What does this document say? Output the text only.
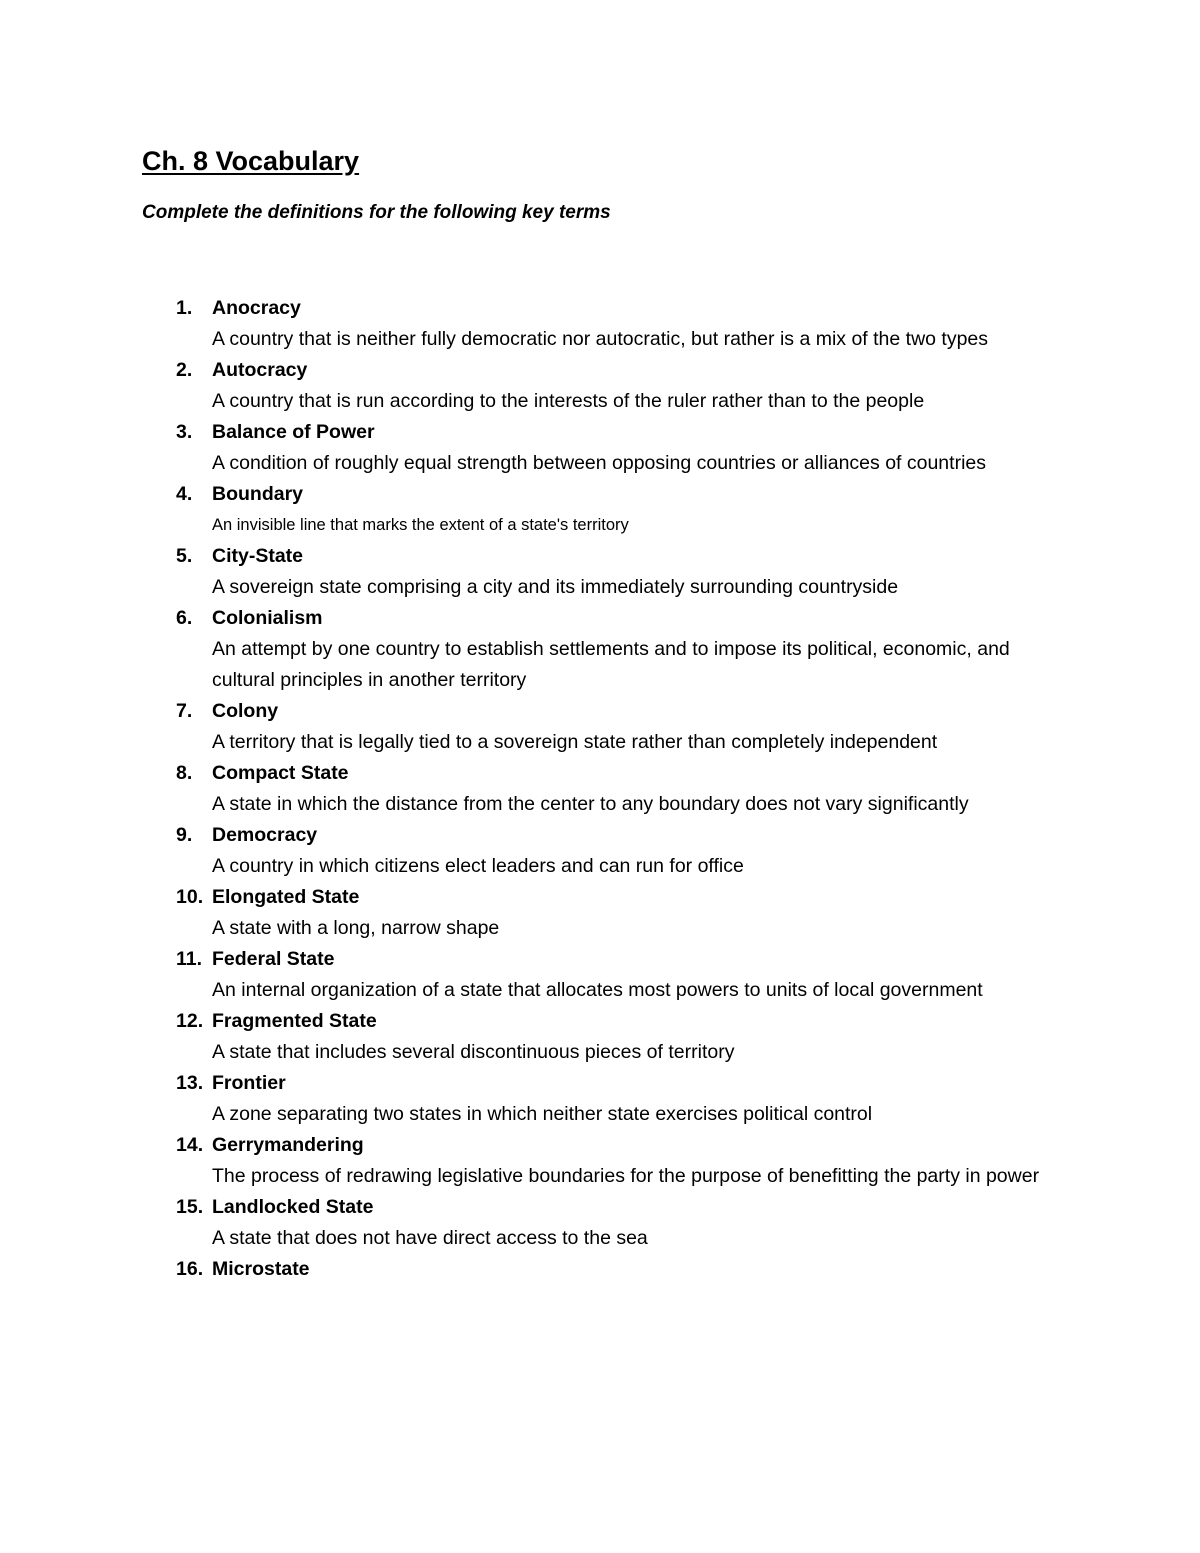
Ch. 8 Vocabulary
Complete the definitions for the following key terms
1. Anocracy
A country that is neither fully democratic nor autocratic, but rather is a mix of the two types
2. Autocracy
A country that is run according to the interests of the ruler rather than to the people
3. Balance of Power
A condition of roughly equal strength between opposing countries or alliances of countries
4. Boundary
An invisible line that marks the extent of a state's territory
5. City-State
A sovereign state comprising a city and its immediately surrounding countryside
6. Colonialism
An attempt by one country to establish settlements and to impose its political, economic, and cultural principles in another territory
7. Colony
A territory that is legally tied to a sovereign state rather than completely independent
8. Compact State
A state in which the distance from the center to any boundary does not vary significantly
9. Democracy
A country in which citizens elect leaders and can run for office
10. Elongated State
A state with a long, narrow shape
11. Federal State
An internal organization of a state that allocates most powers to units of local government
12. Fragmented State
A state that includes several discontinuous pieces of territory
13. Frontier
A zone separating two states in which neither state exercises political control
14. Gerrymandering
The process of redrawing legislative boundaries for the purpose of benefitting the party in power
15. Landlocked State
A state that does not have direct access to the sea
16. Microstate
